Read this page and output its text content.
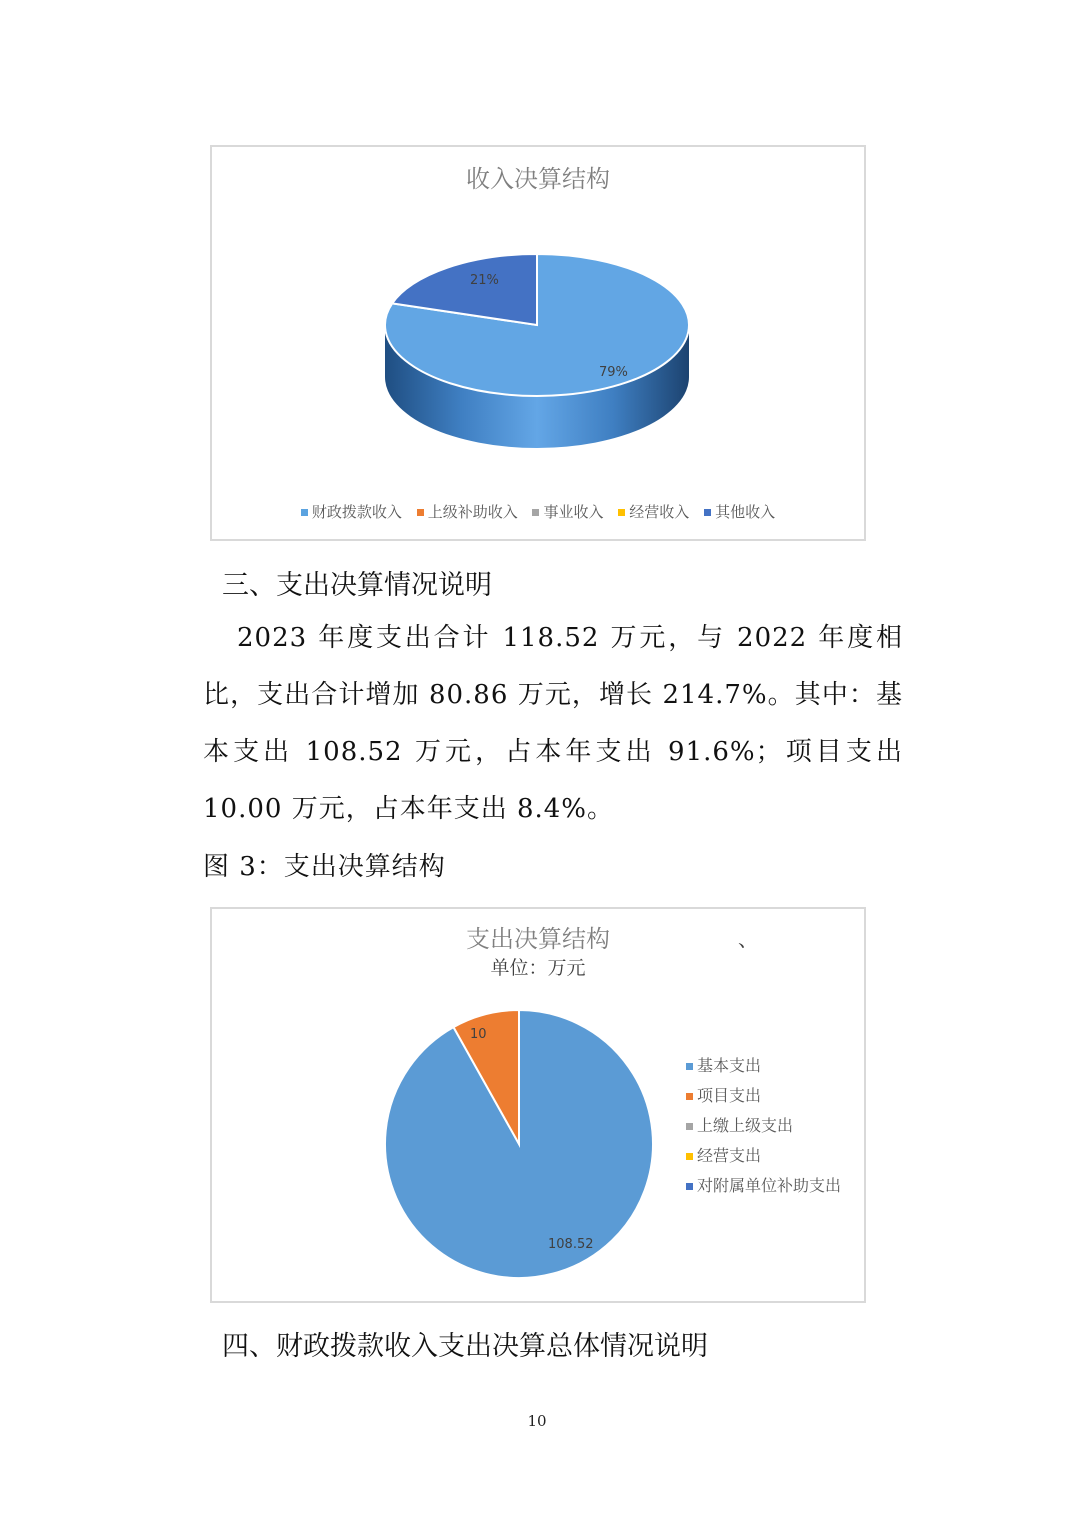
收入决算结构
21%
79%
财政拨款收入 上级补助收入 事业收入 经营收入 其他收入
三、支出决算情况说明
2023 年度支出合计 118.52 万元，与 2022 年度相比，支出合计增加 80.86 万元，增长 214.7%。其中：基本支出 108.52 万元，占本年支出 91.6%；项目支出 10.00 万元，占本年支出 8.4%。
图 3：支出决算结构
支出决算结构
单位：万元
、
10
108.52
基本支出
项目支出
上缴上级支出
经营支出
对附属单位补助支出
四、财政拨款收入支出决算总体情况说明
10
